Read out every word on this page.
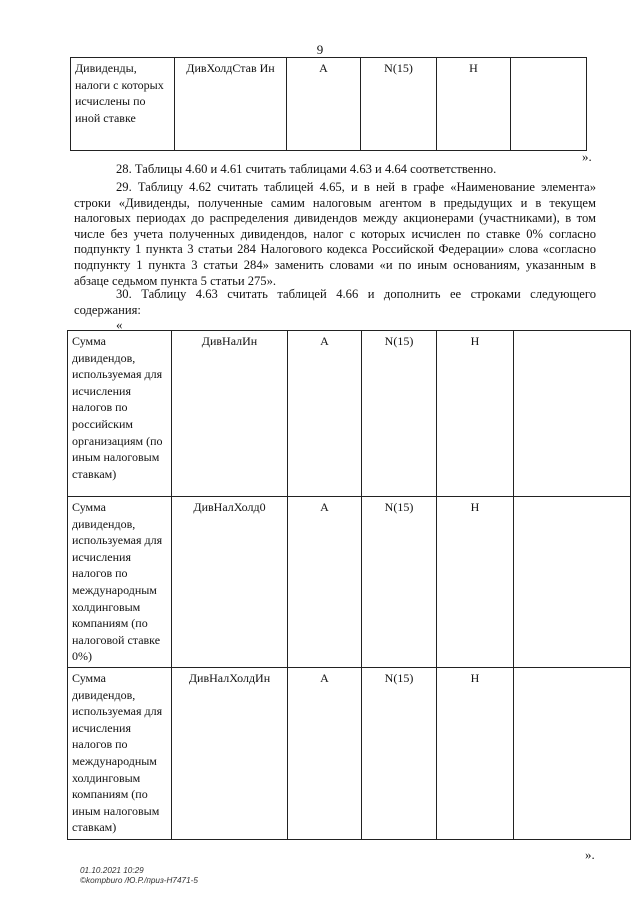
9
Дивиденды, налоги с которых исчислены по иной ставке	ДивХолдСтав Ин	А	N(15)	Н	
».

28. Таблицы 4.60 и 4.61 считать таблицами 4.63 и 4.64 соответственно.

29. Таблицу 4.62 считать таблицей 4.65, и в ней в графе «Наименование элемента» строки «Дивиденды, полученные самим налоговым агентом в предыдущих и в текущем налоговых периодах до распределения дивидендов между акционерами (участниками), в том числе без учета полученных дивидендов, налог с которых исчислен по ставке 0% согласно подпункту 1 пункта 3 статьи 284 Налогового кодекса Российской Федерации» слова «согласно подпункту 1 пункта 3 статьи 284» заменить словами «и по иным основаниям, указанным в абзаце седьмом пункта 5 статьи 275».

30. Таблицу 4.63 считать таблицей 4.66 и дополнить ее строками следующего содержания:

«
Сумма дивидендов, используемая для исчисления налогов по российским организациям (по иным налоговым ставкам)	ДивНалИн	А	N(15)	Н	
Сумма дивидендов, используемая для исчисления налогов по международным холдинговым компаниям (по налоговой ставке 0%)	ДивНалХолд0	А	N(15)	Н	
Сумма дивидендов, используемая для исчисления налогов по международным холдинговым компаниям (по иным налоговым ставкам)	ДивНалХолдИн	А	N(15)	Н	
».
01.10.2021 10:29
©kompburo /Ю.Р./приз-Н7471-5
